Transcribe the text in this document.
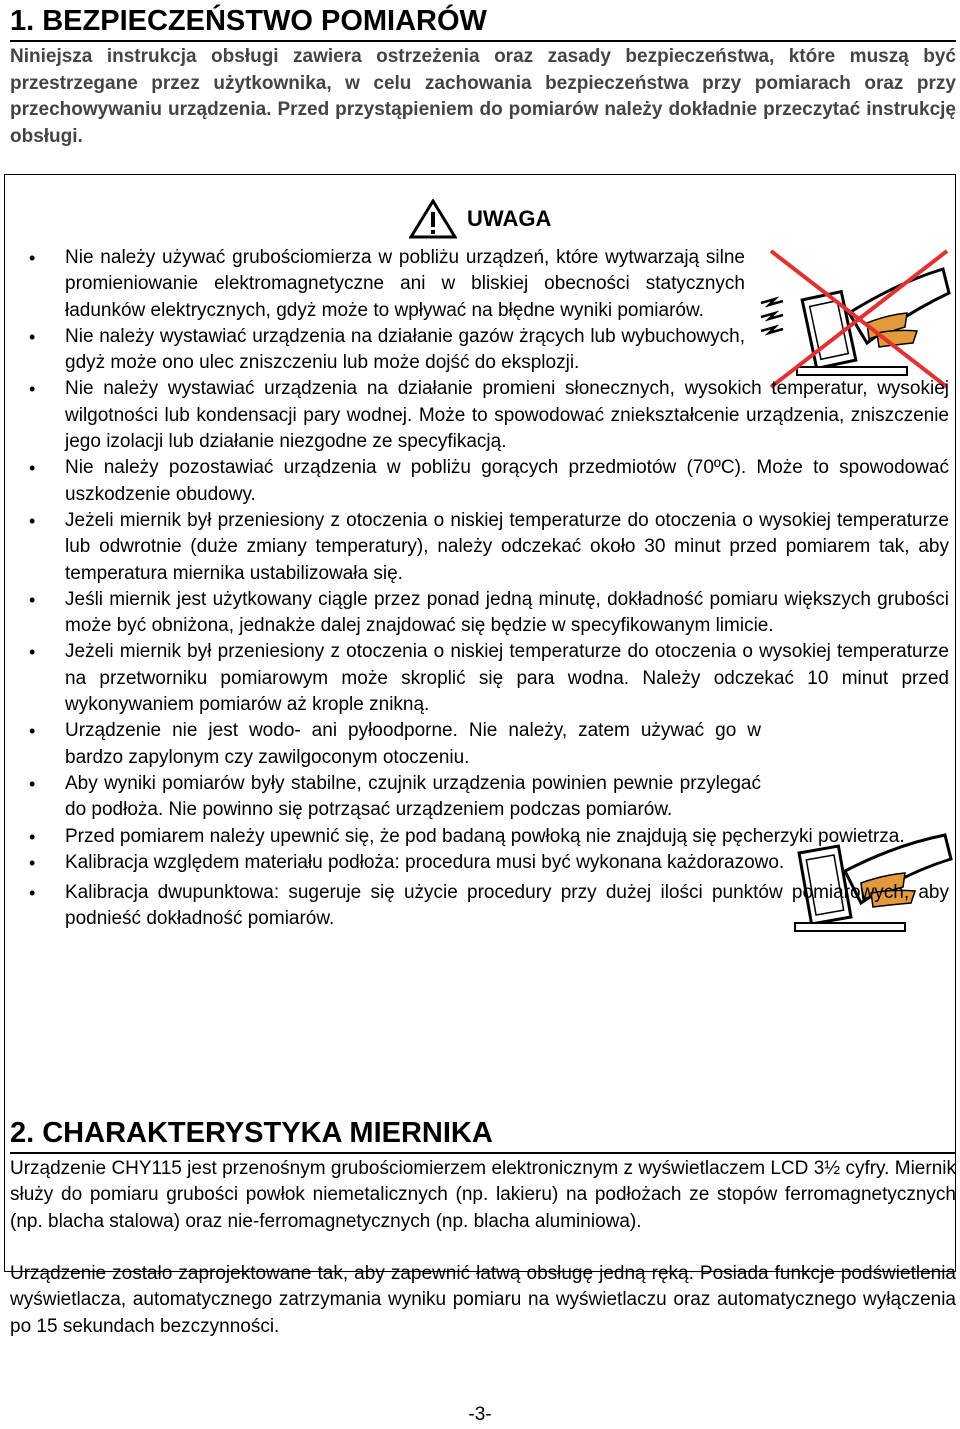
1. BEZPIECZEŃSTWO POMIARÓW

Niniejsza instrukcja obsługi zawiera ostrzeżenia oraz zasady bezpieczeństwa, które muszą być przestrzegane przez użytkownika, w celu zachowania bezpieczeństwa przy pomiarach oraz przy przechowywaniu urządzenia. Przed przystąpieniem do pomiarów należy dokładnie przeczytać instrukcję obsługi.

UWAGA
• Nie należy używać grubościomierza w pobliżu urządzeń, które wytwarzają silne promieniowanie elektromagnetyczne ani w bliskiej obecności statycznych ładunków elektrycznych, gdyż może to wpływać na błędne wyniki pomiarów.
• Nie należy wystawiać urządzenia na działanie gazów żrących lub wybuchowych, gdyż może ono ulec zniszczeniu lub może dojść do eksplozji.
• Nie należy wystawiać urządzenia na działanie promieni słonecznych, wysokich temperatur, wysokiej wilgotności lub kondensacji pary wodnej. Może to spowodować zniekształcenie urządzenia, zniszczenie jego izolacji lub działanie niezgodne ze specyfikacją.
• Nie należy pozostawiać urządzenia w pobliżu gorących przedmiotów (70ºC). Może to spowodować uszkodzenie obudowy.
• Jeżeli miernik był przeniesiony z otoczenia o niskiej temperaturze do otoczenia o wysokiej temperaturze lub odwrotnie (duże zmiany temperatury), należy odczekać około 30 minut przed pomiarem tak, aby temperatura miernika ustabilizowała się.
• Jeśli miernik jest użytkowany ciągle przez ponad jedną minutę, dokładność pomiaru większych grubości może być obniżona, jednakże dalej znajdować się będzie w specyfikowanym limicie.
• Jeżeli miernik był przeniesiony z otoczenia o niskiej temperaturze do otoczenia o wysokiej temperaturze na przetworniku pomiarowym może skroplić się para wodna. Należy odczekać 10 minut przed wykonywaniem pomiarów aż krople znikną.
• Urządzenie nie jest wodo- ani pyłoodporne. Nie należy, zatem używać go w bardzo zapylonym czy zawilgoconym otoczeniu.
• Aby wyniki pomiarów były stabilne, czujnik urządzenia powinien pewnie przylegać do podłoża. Nie powinno się potrząsać urządzeniem podczas pomiarów.
• Przed pomiarem należy upewnić się, że pod badaną powłoką nie znajdują się pęcherzyki powietrza.
• Kalibracja względem materiału podłoża: procedura musi być wykonana każdorazowo.
• Kalibracja dwupunktowa: sugeruje się użycie procedury przy dużej ilości punktów pomiarowych, aby podnieść dokładność pomiarów.
2. CHARAKTERYSTYKA MIERNIKA

Urządzenie CHY115 jest przenośnym grubościomierzem elektronicznym z wyświetlaczem LCD 3½ cyfry. Miernik służy do pomiaru grubości powłok niemetalicznych (np. lakieru) na podłożach ze stopów ferromagnetycznych (np. blacha stalowa) oraz nie-ferromagnetycznych (np. blacha aluminiowa).

Urządzenie zostało zaprojektowane tak, aby zapewnić łatwą obsługę jedną ręką. Posiada funkcje podświetlenia wyświetlacza, automatycznego zatrzymania wyniku pomiaru na wyświetlaczu oraz automatycznego wyłączenia po 15 sekundach bezczynności.

-3-
